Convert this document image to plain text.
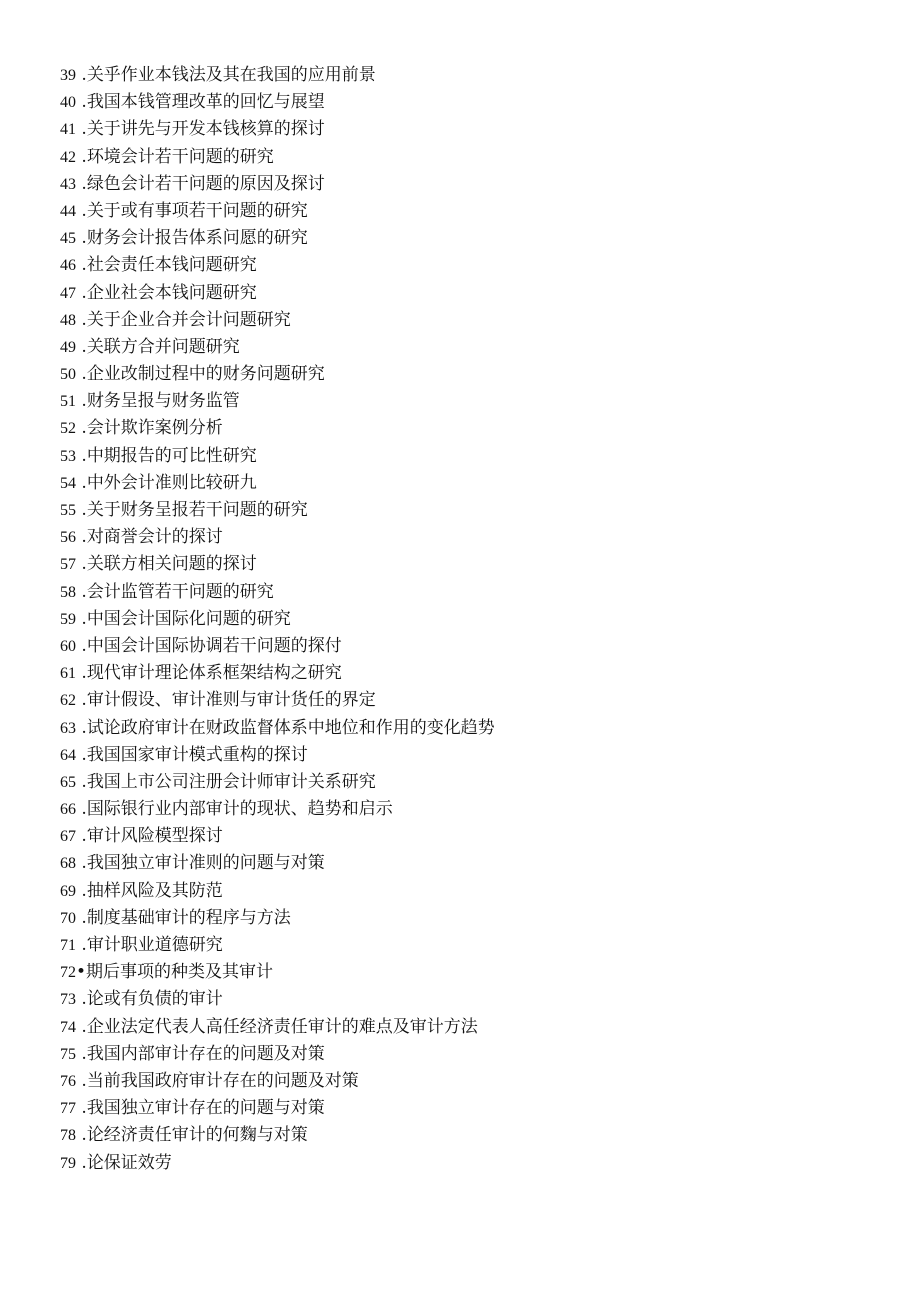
39 .关乎作业本钱法及其在我国的应用前景
40 .我国本钱管理改革的回忆与展望
41 .关于讲先与开发本钱核算的探讨
42 .环境会计若干问题的研究
43 .绿色会计若干问题的原因及探讨
44 .关于或有事项若干问题的研究
45 .财务会计报告体系问愿的研究
46 .社会责任本钱问题研究
47 .企业社会本钱问题研究
48 .关于企业合并会计问题研究
49 .关联方合并问题研究
50 .企业改制过程中的财务问题研究
51 .财务呈报与财务监管
52 .会计欺诈案例分析
53 .中期报告的可比性研究
54 .中外会计准则比较研九
55 .关于财务呈报若干问题的研究
56 .对商誉会计的探讨
57 .关联方相关问题的探讨
58 .会计监管若干问题的研究
59 .中国会计国际化问题的研究
60 .中国会计国际协调若干问题的探付
61 .现代审计理论体系框架结构之研究
62 .审计假设、审计准则与审计货任的界定
63 .试论政府审计在财政监督体系中地位和作用的变化趋势
64 .我国国家审计模式重构的探讨
65 .我国上市公司注册会计师审计关系研究
66 .国际银行业内部审计的现状、趋势和启示
67 .审计风险模型探讨
68 .我国独立审计准则的问题与对策
69 .抽样风险及其防范
70 .制度基础审计的程序与方法
71 .审计职业道德研究
72•期后事项的种类及其审计
73 .论或有负债的审计
74 .企业法定代表人高任经济责任审计的难点及审计方法
75 .我国内部审计存在的问题及对策
76 .当前我国政府审计存在的问题及对策
77 .我国独立审计存在的问题与对策
78 .论经济责任审计的何麴与对策
79 .论保证效劳
